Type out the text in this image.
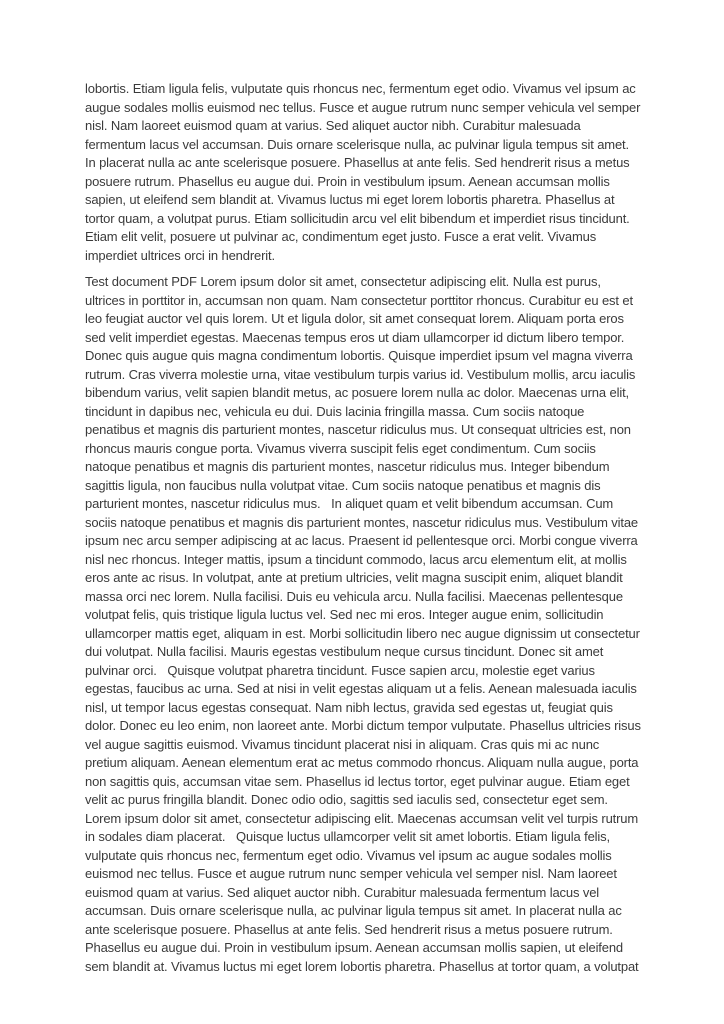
lobortis. Etiam ligula felis, vulputate quis rhoncus nec, fermentum eget odio. Vivamus vel ipsum ac augue sodales mollis euismod nec tellus. Fusce et augue rutrum nunc semper vehicula vel semper nisl. Nam laoreet euismod quam at varius. Sed aliquet auctor nibh. Curabitur malesuada fermentum lacus vel accumsan. Duis ornare scelerisque nulla, ac pulvinar ligula tempus sit amet. In placerat nulla ac ante scelerisque posuere. Phasellus at ante felis. Sed hendrerit risus a metus posuere rutrum. Phasellus eu augue dui. Proin in vestibulum ipsum. Aenean accumsan mollis sapien, ut eleifend sem blandit at. Vivamus luctus mi eget lorem lobortis pharetra. Phasellus at tortor quam, a volutpat purus. Etiam sollicitudin arcu vel elit bibendum et imperdiet risus tincidunt. Etiam elit velit, posuere ut pulvinar ac, condimentum eget justo. Fusce a erat velit. Vivamus imperdiet ultrices orci in hendrerit.

Test document PDF Lorem ipsum dolor sit amet, consectetur adipiscing elit. Nulla est purus, ultrices in porttitor in, accumsan non quam. Nam consectetur porttitor rhoncus. Curabitur eu est et leo feugiat auctor vel quis lorem. Ut et ligula dolor, sit amet consequat lorem. Aliquam porta eros sed velit imperdiet egestas. Maecenas tempus eros ut diam ullamcorper id dictum libero tempor. Donec quis augue quis magna condimentum lobortis. Quisque imperdiet ipsum vel magna viverra rutrum. Cras viverra molestie urna, vitae vestibulum turpis varius id. Vestibulum mollis, arcu iaculis bibendum varius, velit sapien blandit metus, ac posuere lorem nulla ac dolor. Maecenas urna elit, tincidunt in dapibus nec, vehicula eu dui. Duis lacinia fringilla massa. Cum sociis natoque penatibus et magnis dis parturient montes, nascetur ridiculus mus. Ut consequat ultricies est, non rhoncus mauris congue porta. Vivamus viverra suscipit felis eget condimentum. Cum sociis natoque penatibus et magnis dis parturient montes, nascetur ridiculus mus. Integer bibendum sagittis ligula, non faucibus nulla volutpat vitae. Cum sociis natoque penatibus et magnis dis parturient montes, nascetur ridiculus mus.   In aliquet quam et velit bibendum accumsan. Cum sociis natoque penatibus et magnis dis parturient montes, nascetur ridiculus mus. Vestibulum vitae ipsum nec arcu semper adipiscing at ac lacus. Praesent id pellentesque orci. Morbi congue viverra nisl nec rhoncus. Integer mattis, ipsum a tincidunt commodo, lacus arcu elementum elit, at mollis eros ante ac risus. In volutpat, ante at pretium ultricies, velit magna suscipit enim, aliquet blandit massa orci nec lorem. Nulla facilisi. Duis eu vehicula arcu. Nulla facilisi. Maecenas pellentesque volutpat felis, quis tristique ligula luctus vel. Sed nec mi eros. Integer augue enim, sollicitudin ullamcorper mattis eget, aliquam in est. Morbi sollicitudin libero nec augue dignissim ut consectetur dui volutpat. Nulla facilisi. Mauris egestas vestibulum neque cursus tincidunt. Donec sit amet pulvinar orci.   Quisque volutpat pharetra tincidunt. Fusce sapien arcu, molestie eget varius egestas, faucibus ac urna. Sed at nisi in velit egestas aliquam ut a felis. Aenean malesuada iaculis nisl, ut tempor lacus egestas consequat. Nam nibh lectus, gravida sed egestas ut, feugiat quis dolor. Donec eu leo enim, non laoreet ante. Morbi dictum tempor vulputate. Phasellus ultricies risus vel augue sagittis euismod. Vivamus tincidunt placerat nisi in aliquam. Cras quis mi ac nunc pretium aliquam. Aenean elementum erat ac metus commodo rhoncus. Aliquam nulla augue, porta non sagittis quis, accumsan vitae sem. Phasellus id lectus tortor, eget pulvinar augue. Etiam eget velit ac purus fringilla blandit. Donec odio odio, sagittis sed iaculis sed, consectetur eget sem. Lorem ipsum dolor sit amet, consectetur adipiscing elit. Maecenas accumsan velit vel turpis rutrum in sodales diam placerat.   Quisque luctus ullamcorper velit sit amet lobortis. Etiam ligula felis, vulputate quis rhoncus nec, fermentum eget odio. Vivamus vel ipsum ac augue sodales mollis euismod nec tellus. Fusce et augue rutrum nunc semper vehicula vel semper nisl. Nam laoreet euismod quam at varius. Sed aliquet auctor nibh. Curabitur malesuada fermentum lacus vel accumsan. Duis ornare scelerisque nulla, ac pulvinar ligula tempus sit amet. In placerat nulla ac ante scelerisque posuere. Phasellus at ante felis. Sed hendrerit risus a metus posuere rutrum. Phasellus eu augue dui. Proin in vestibulum ipsum. Aenean accumsan mollis sapien, ut eleifend sem blandit at. Vivamus luctus mi eget lorem lobortis pharetra. Phasellus at tortor quam, a volutpat
